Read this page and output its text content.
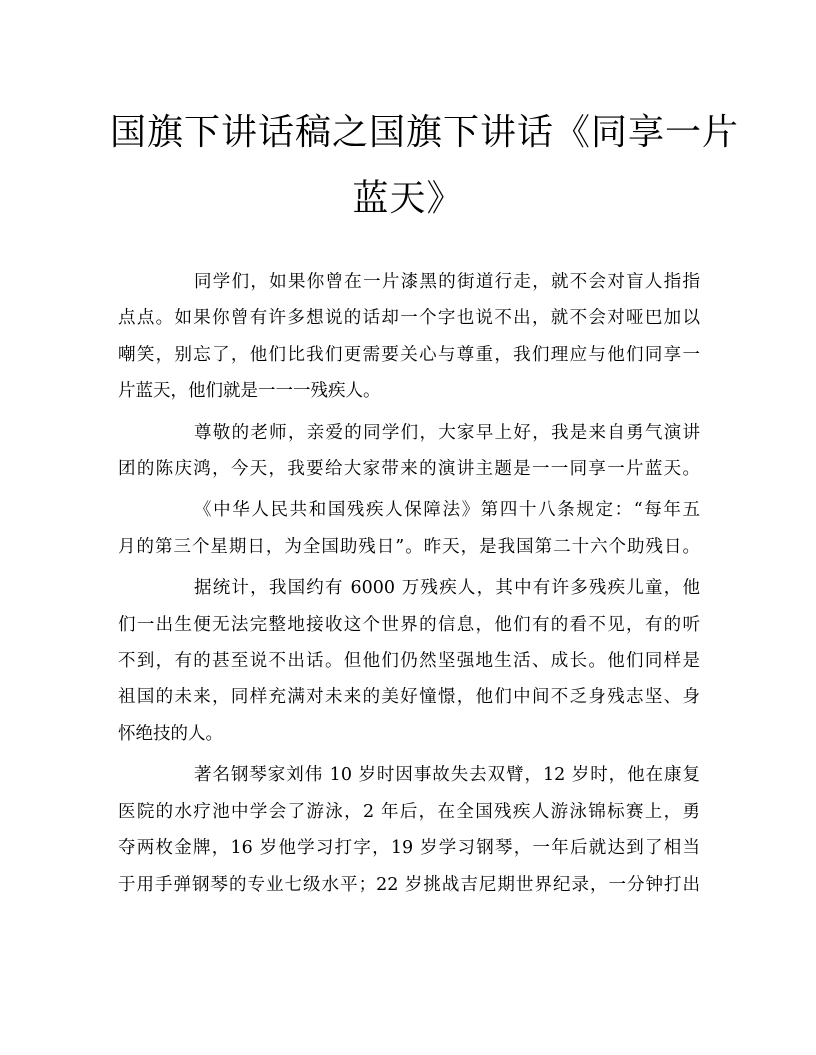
国旗下讲话稿之国旗下讲话《同享一片
蓝天》

同学们，如果你曾在一片漆黑的街道行走，就不会对盲人指指
点点。如果你曾有许多想说的话却一个字也说不出，就不会对哑巴加以
嘲笑，别忘了，他们比我们更需要关心与尊重，我们理应与他们同享一
片蓝天，他们就是一一一残疾人。

尊敬的老师，亲爱的同学们，大家早上好，我是来自勇气演讲
团的陈庆鸿，今天，我要给大家带来的演讲主题是一一同享一片蓝天。

《中华人民共和国残疾人保障法》第四十八条规定：“每年五
月的第三个星期日，为全国助残日”。昨天，是我国第二十六个助残日。

据统计，我国约有 6000 万残疾人，其中有许多残疾儿童，他
们一出生便无法完整地接收这个世界的信息，他们有的看不见，有的听
不到，有的甚至说不出话。但他们仍然坚强地生活、成长。他们同样是
祖国的未来，同样充满对未来的美好憧憬，他们中间不乏身残志坚、身
怀绝技的人。

著名钢琴家刘伟 10 岁时因事故失去双臂，12 岁时，他在康复
医院的水疗池中学会了游泳，2 年后，在全国残疾人游泳锦标赛上，勇
夺两枚金牌，16 岁他学习打字，19 岁学习钢琴，一年后就达到了相当
于用手弹钢琴的专业七级水平；22 岁挑战吉尼期世界纪录，一分钟打出
